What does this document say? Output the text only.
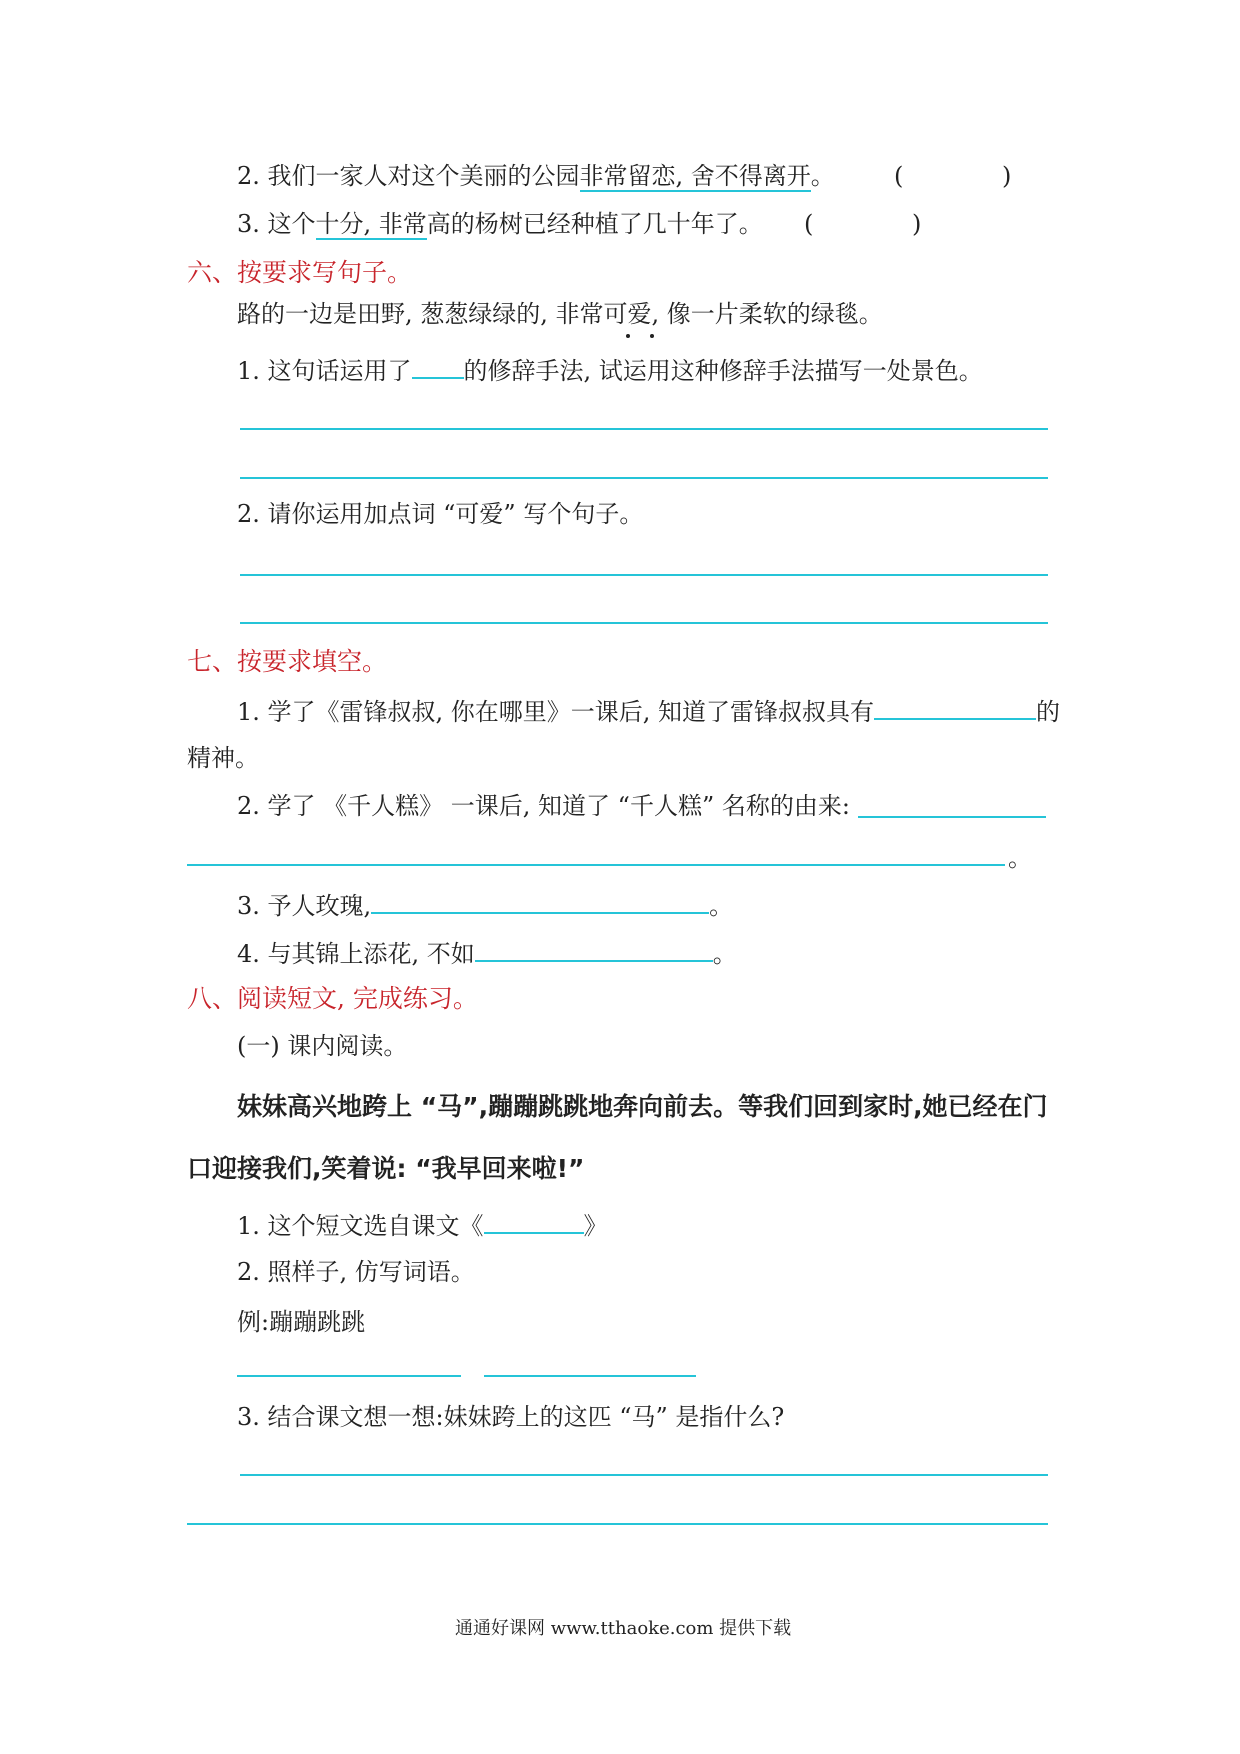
2. 我们一家人对这个美丽的公园非常留恋, 舍不得离开。 (	)
3. 这个十分, 非常高的杨树已经种植了几十年了。 (	)
六、按要求写句子。
路的一边是田野, 葱葱绿绿的, 非常可爱, 像一片柔软的绿毯。
1. 这句话运用了 的修辞手法, 试运用这种修辞手法描写一处景色。
2. 请你运用加点词 “可爱” 写个句子。
七、按要求填空。
1. 学了《雷锋叔叔, 你在哪里》一课后, 知道了雷锋叔叔具有	的
精神。
2. 学了 《千人糕》 一课后, 知道了 “千人糕” 名称的由来:
。
3. 予人玫瑰,	。
4. 与其锦上添花, 不如	。
八、阅读短文, 完成练习。
(一) 课内阅读。
妹妹高兴地跨上 “马”,蹦蹦跳跳地奔向前去。等我们回到家时,她已经在门
口迎接我们,笑着说: “我早回来啦!”
1. 这个短文选自课文《	》
2. 照样子, 仿写词语。
例:蹦蹦跳跳
3. 结合课文想一想:妹妹跨上的这匹 “马” 是指什么?
通通好课网 www.tthaoke.com 提供下载
